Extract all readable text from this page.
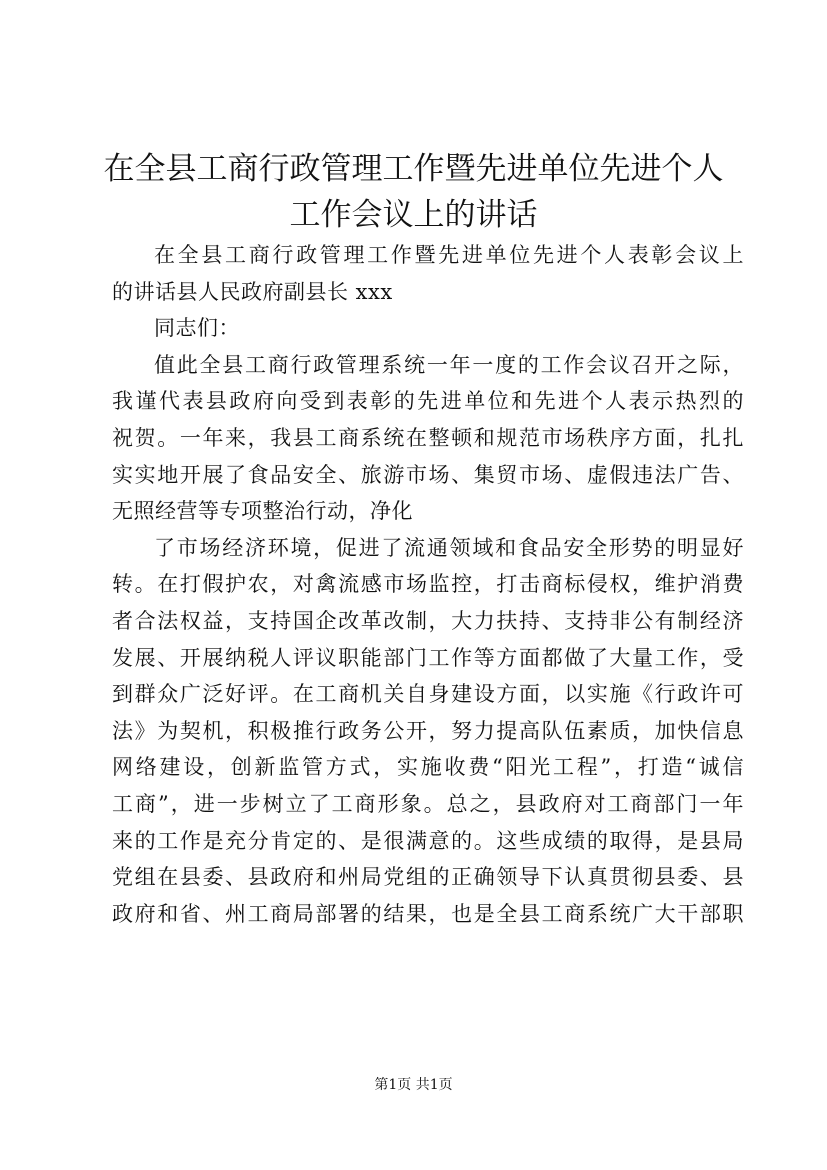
在全县工商行政管理工作暨先进单位先进个人
工作会议上的讲话

在全县工商行政管理工作暨先进单位先进个人表彰会议上
的讲话县人民政府副县长 xxx

同志们：

值此全县工商行政管理系统一年一度的工作会议召开之际，
我谨代表县政府向受到表彰的先进单位和先进个人表示热烈的
祝贺。一年来，我县工商系统在整顿和规范市场秩序方面，扎扎
实实地开展了食品安全、旅游市场、集贸市场、虚假违法广告、
无照经营等专项整治行动，净化

了市场经济环境，促进了流通领域和食品安全形势的明显好
转。在打假护农，对禽流感市场监控，打击商标侵权，维护消费
者合法权益，支持国企改革改制，大力扶持、支持非公有制经济
发展、开展纳税人评议职能部门工作等方面都做了大量工作，受
到群众广泛好评。在工商机关自身建设方面，以实施《行政许可
法》为契机，积极推行政务公开，努力提高队伍素质，加快信息
网络建设，创新监管方式，实施收费“阳光工程”，打造“诚信
工商”，进一步树立了工商形象。总之，县政府对工商部门一年
来的工作是充分肯定的、是很满意的。这些成绩的取得，是县局
党组在县委、县政府和州局党组的正确领导下认真贯彻县委、县
政府和省、州工商局部署的结果，也是全县工商系统广大干部职

第1页 共1页
